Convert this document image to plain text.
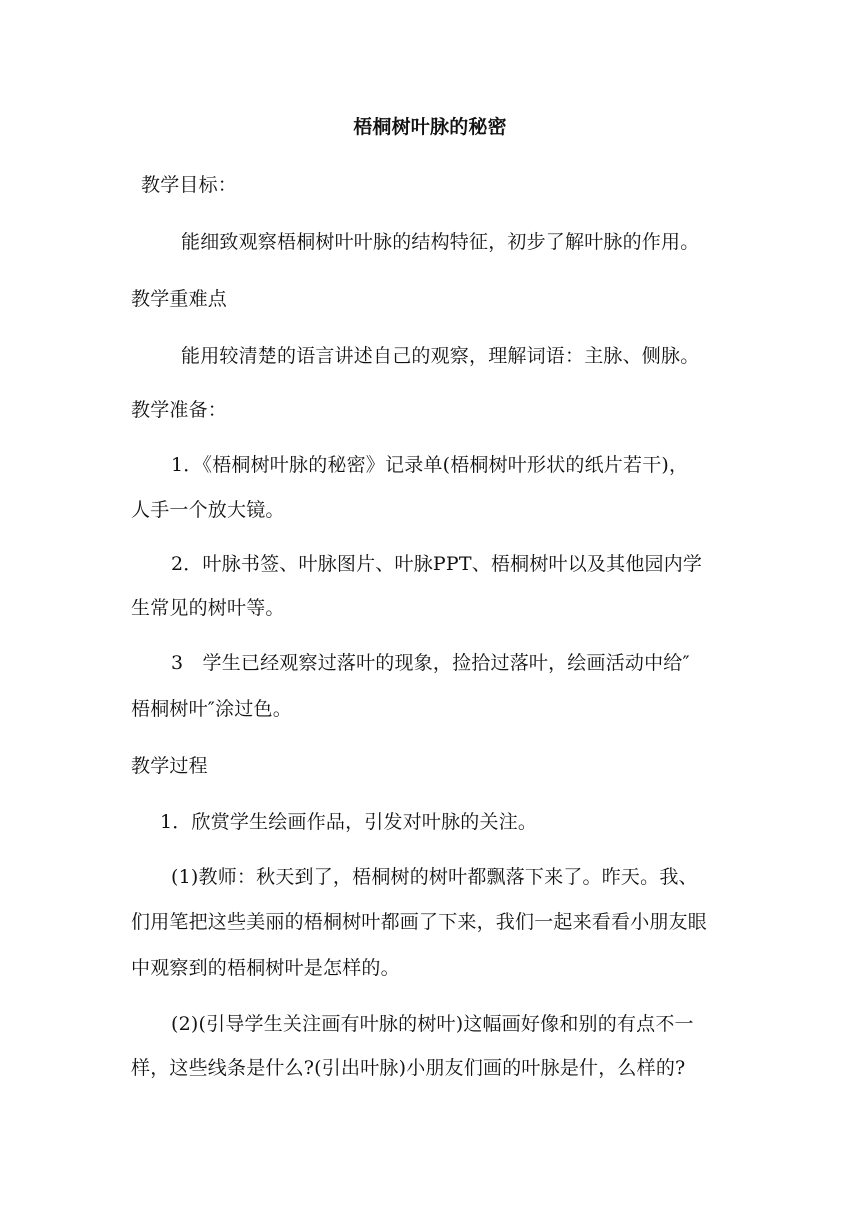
梧桐树叶脉的秘密
教学目标：
能细致观察梧桐树叶叶脉的结构特征，初步了解叶脉的作用。
教学重难点
能用较清楚的语言讲述自己的观察，理解词语：主脉、侧脉。
教学准备：
1．《梧桐树叶脉的秘密》记录单(梧桐树叶形状的纸片若干)，
人手一个放大镜。
2．叶脉书签、叶脉图片、叶脉PPT、梧桐树叶以及其他园内学
生常见的树叶等。
3　学生已经观察过落叶的现象，捡拾过落叶，绘画活动中给″
梧桐树叶″涂过色。
教学过程
1．欣赏学生绘画作品，引发对叶脉的关注。
(1)教师：秋天到了，梧桐树的树叶都飘落下来了。昨天。我、
们用笔把这些美丽的梧桐树叶都画了下来，我们一起来看看小朋友眼
中观察到的梧桐树叶是怎样的。
(2)(引导学生关注画有叶脉的树叶)这幅画好像和别的有点不一
样，这些线条是什么?(引出叶脉)小朋友们画的叶脉是什，么样的?
